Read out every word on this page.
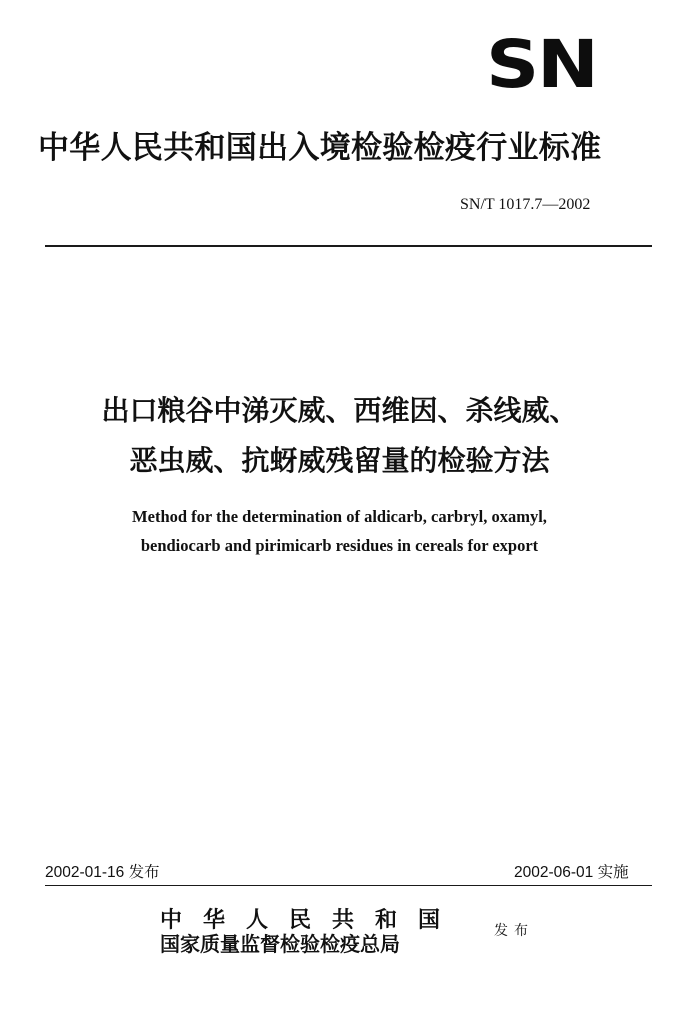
SN
中华人民共和国出入境检验检疫行业标准
SN/T 1017.7—2002
出口粮谷中涕灭威、西维因、杀线威、
恶虫威、抗蚜威残留量的检验方法
Method for the determination of aldicarb, carbryl, oxamyl,
bendiocarb and pirimicarb residues in cereals for export
2002-01-16 发布	2002-06-01 实施
中华人民共和国
国家质量监督检验检疫总局
发布
